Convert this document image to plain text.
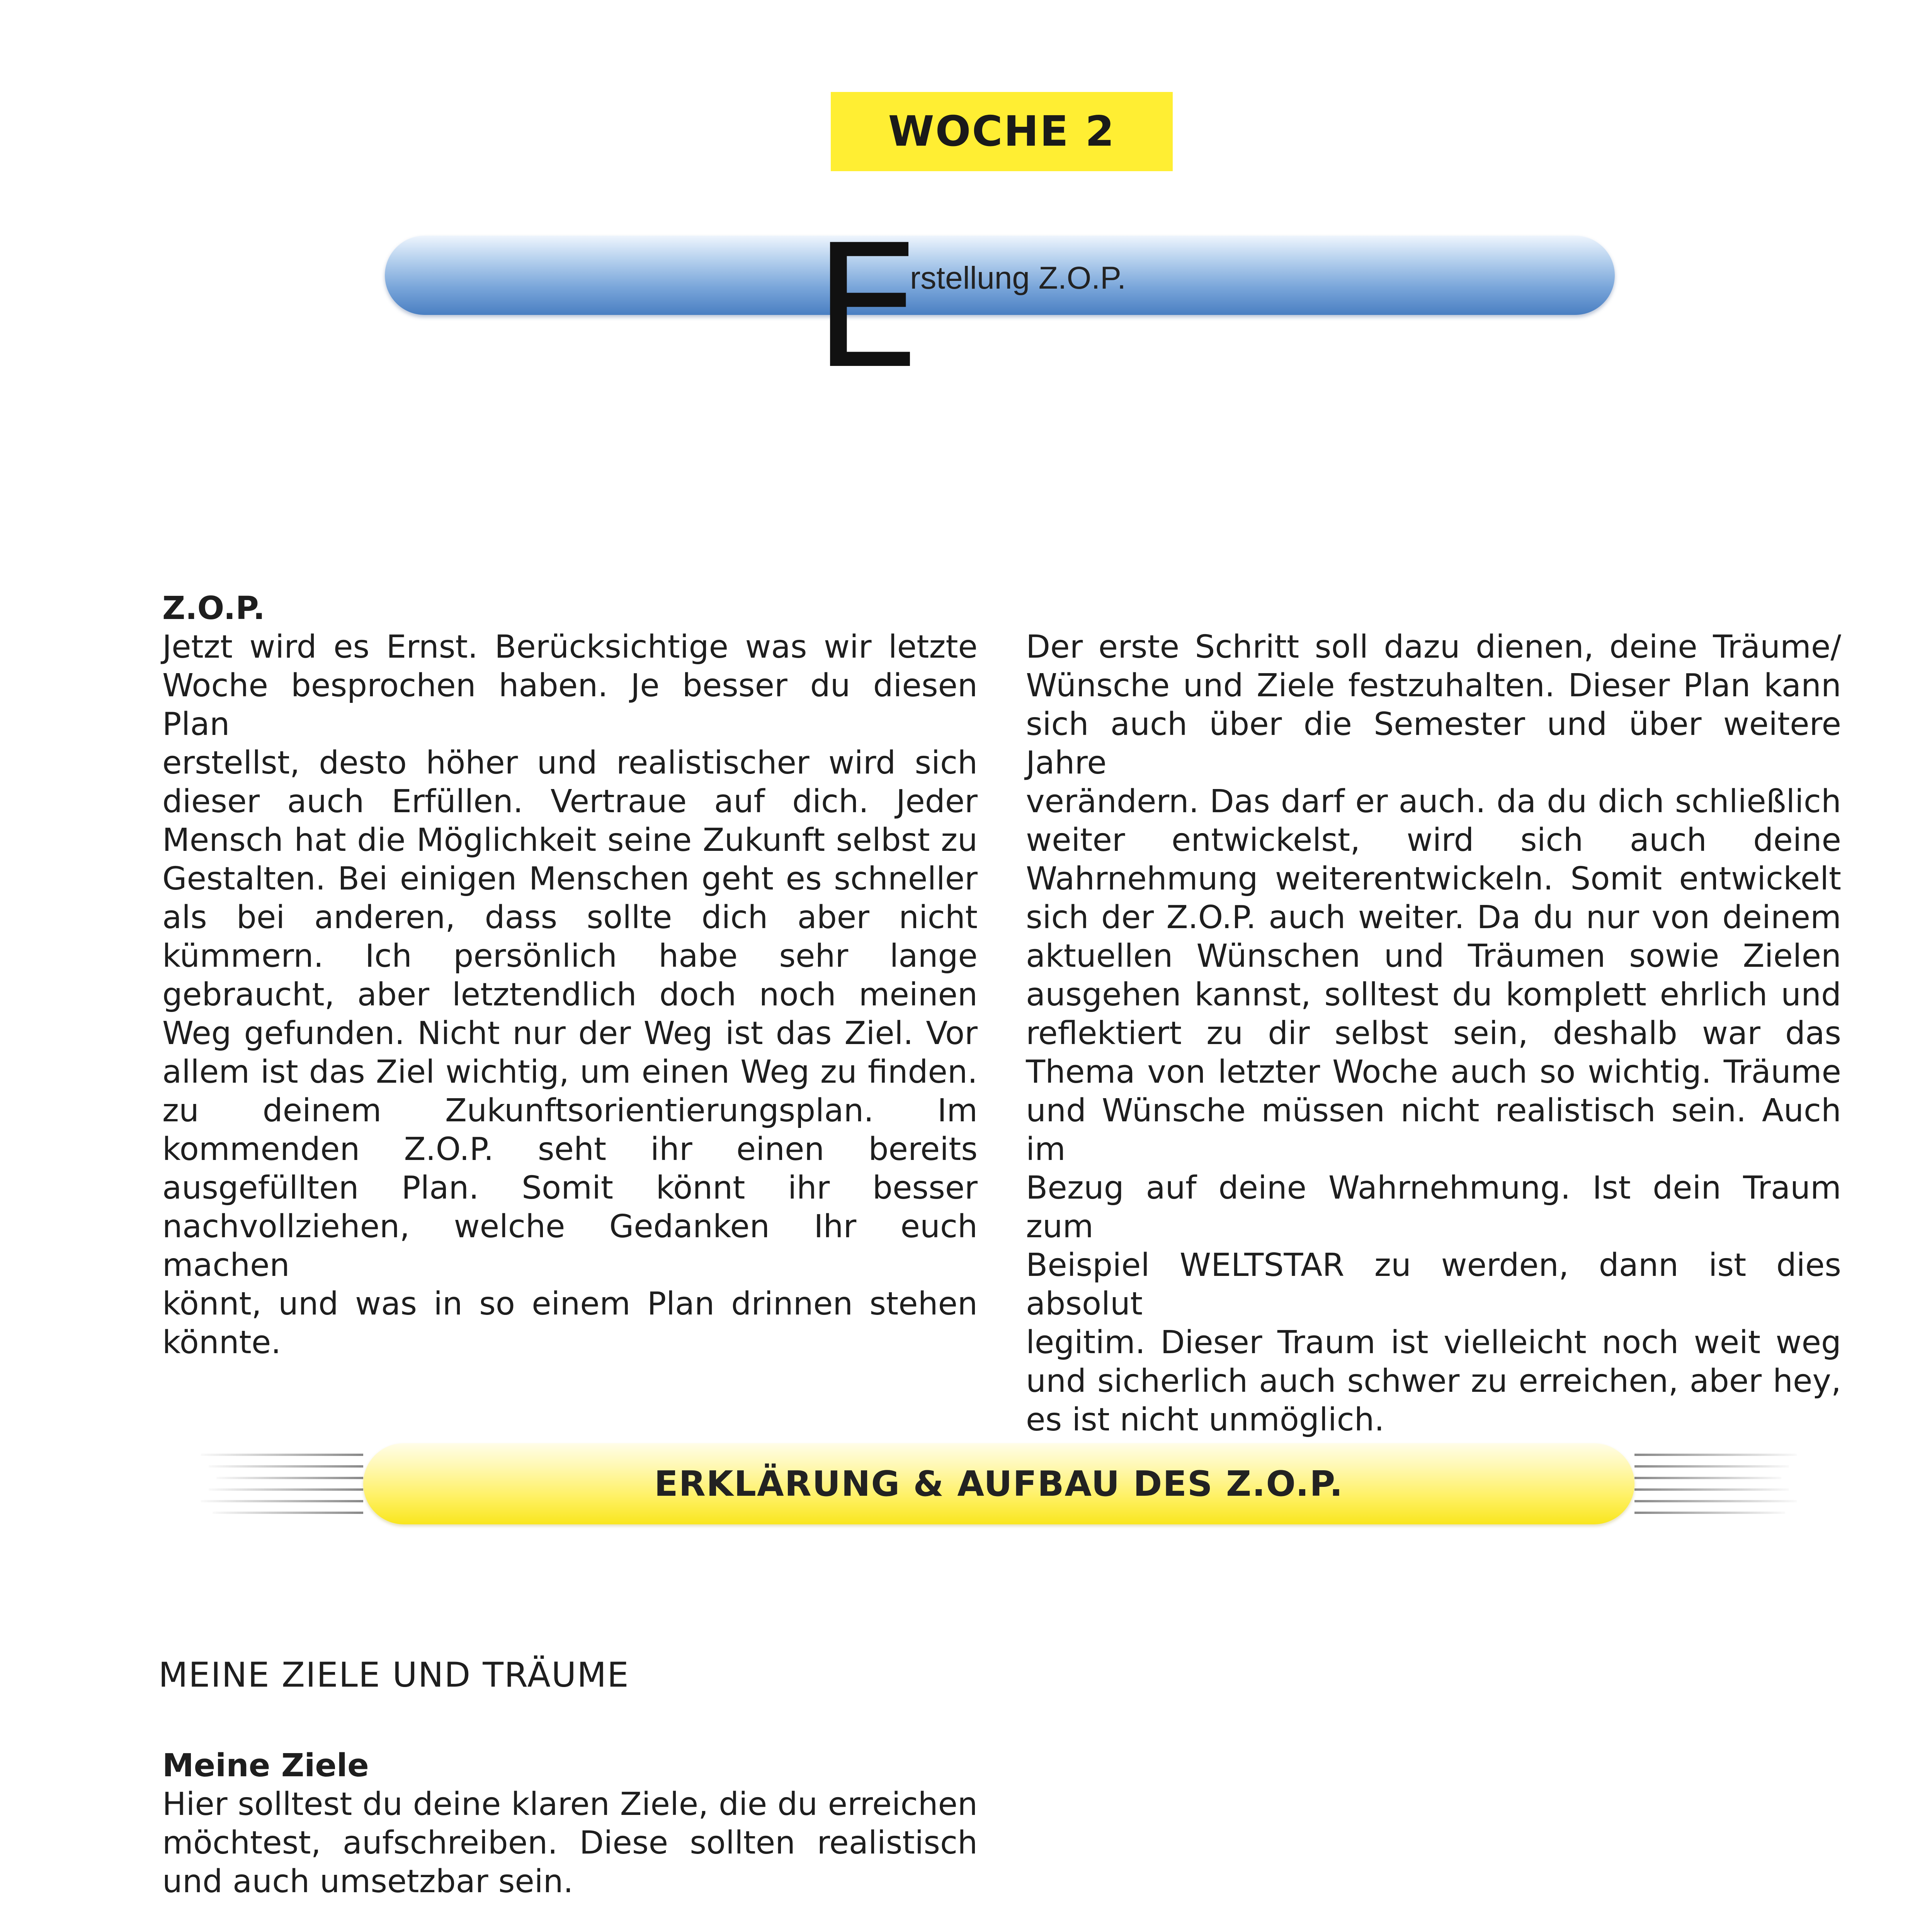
WOCHE 2
E
rstellung Z.O.P.
Z.O.P.
Jetzt wird es Ernst. Berücksichtige was wir letzte
Woche besprochen haben. Je besser du diesen Plan
erstellst, desto höher und realistischer wird sich
dieser auch Erfüllen. Vertraue auf dich. Jeder
Mensch hat die Möglichkeit seine Zukunft selbst zu
Gestalten. Bei einigen Menschen geht es schneller
als bei anderen, dass sollte dich aber nicht
kümmern. Ich persönlich habe sehr lange
gebraucht, aber letztendlich doch noch meinen
Weg gefunden. Nicht nur der Weg ist das Ziel. Vor
allem ist das Ziel wichtig, um einen Weg zu finden.
zu deinem Zukunftsorientierungsplan. Im
kommenden Z.O.P. seht ihr einen bereits
ausgefüllten Plan. Somit könnt ihr besser
nachvollziehen, welche Gedanken Ihr euch machen
könnt, und was in so einem Plan drinnen stehen
könnte.
Der erste Schritt soll dazu dienen, deine Träume/
Wünsche und Ziele festzuhalten. Dieser Plan kann
sich auch über die Semester und über weitere Jahre
verändern. Das darf er auch. da du dich schließlich
weiter entwickelst, wird sich auch deine
Wahrnehmung weiterentwickeln. Somit entwickelt
sich der Z.O.P. auch weiter. Da du nur von deinem
aktuellen Wünschen und Träumen sowie Zielen
ausgehen kannst, solltest du komplett ehrlich und
reflektiert zu dir selbst sein, deshalb war das
Thema von letzter Woche auch so wichtig. Träume
und Wünsche müssen nicht realistisch sein. Auch im
Bezug auf deine Wahrnehmung. Ist dein Traum zum
Beispiel WELTSTAR zu werden, dann ist dies absolut
legitim. Dieser Traum ist vielleicht noch weit weg
und sicherlich auch schwer zu erreichen, aber hey,
es ist nicht unmöglich.
ERKLÄRUNG & AUFBAU DES Z.O.P.
MEINE ZIELE UND TRÄUME
Meine Ziele
Hier solltest du deine klaren Ziele, die du erreichen
möchtest, aufschreiben. Diese sollten realistisch
und auch umsetzbar sein.
